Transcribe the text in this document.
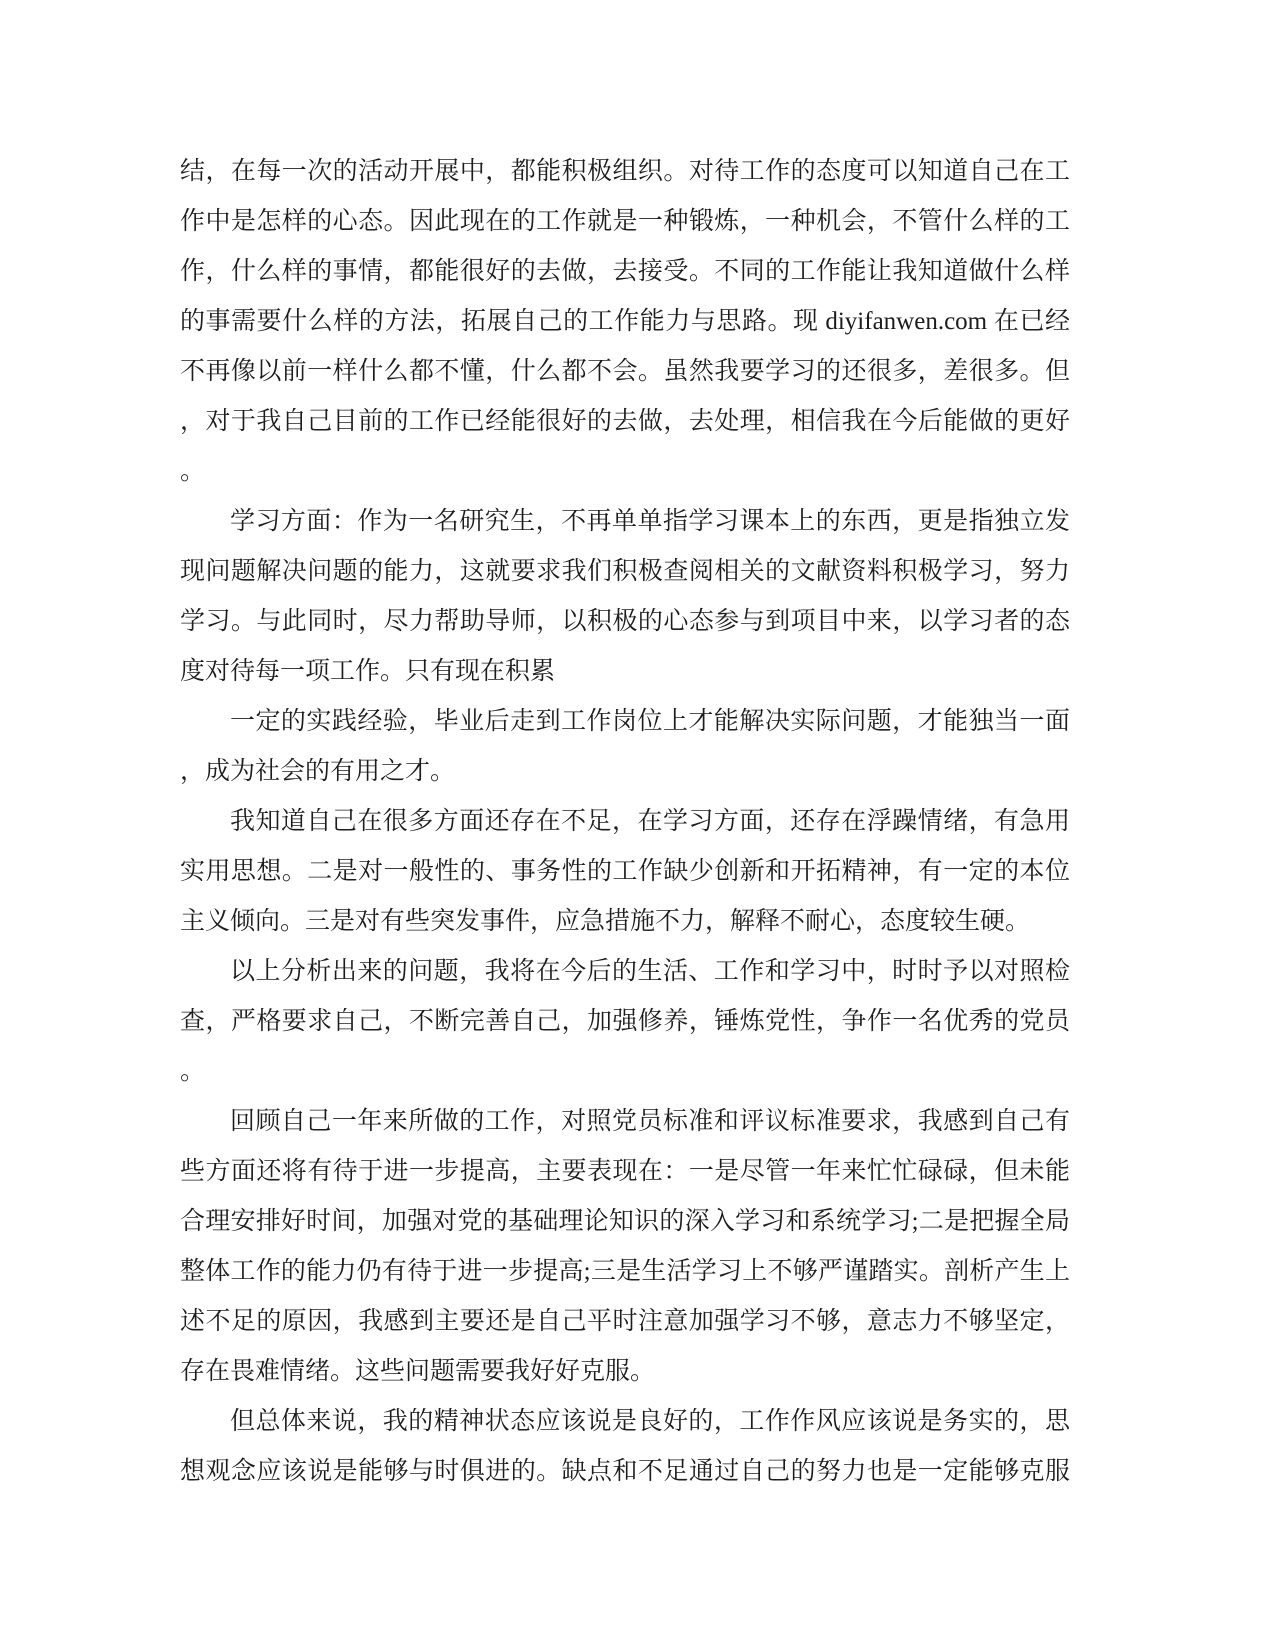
结，在每一次的活动开展中，都能积极组织。对待工作的态度可以知道自己在工
作中是怎样的心态。因此现在的工作就是一种锻炼，一种机会，不管什么样的工
作，什么样的事情，都能很好的去做，去接受。不同的工作能让我知道做什么样
的事需要什么样的方法，拓展自己的工作能力与思路。现 diyifanwen.com 在已经
不再像以前一样什么都不懂，什么都不会。虽然我要学习的还很多，差很多。但
，对于我自己目前的工作已经能很好的去做，去处理，相信我在今后能做的更好
。
学习方面：作为一名研究生，不再单单指学习课本上的东西，更是指独立发
现问题解决问题的能力，这就要求我们积极查阅相关的文献资料积极学习，努力
学习。与此同时，尽力帮助导师，以积极的心态参与到项目中来，以学习者的态
度对待每一项工作。只有现在积累
一定的实践经验，毕业后走到工作岗位上才能解决实际问题，才能独当一面
，成为社会的有用之才。
我知道自己在很多方面还存在不足，在学习方面，还存在浮躁情绪，有急用
实用思想。二是对一般性的、事务性的工作缺少创新和开拓精神，有一定的本位
主义倾向。三是对有些突发事件，应急措施不力，解释不耐心，态度较生硬。
以上分析出来的问题，我将在今后的生活、工作和学习中，时时予以对照检
查，严格要求自己，不断完善自己，加强修养，锤炼党性，争作一名优秀的党员
。
回顾自己一年来所做的工作，对照党员标准和评议标准要求，我感到自己有
些方面还将有待于进一步提高，主要表现在：一是尽管一年来忙忙碌碌，但未能
合理安排好时间，加强对党的基础理论知识的深入学习和系统学习;二是把握全局
整体工作的能力仍有待于进一步提高;三是生活学习上不够严谨踏实。剖析产生上
述不足的原因，我感到主要还是自己平时注意加强学习不够，意志力不够坚定，
存在畏难情绪。这些问题需要我好好克服。
但总体来说，我的精神状态应该说是良好的，工作作风应该说是务实的，思
想观念应该说是能够与时俱进的。缺点和不足通过自己的努力也是一定能够克服
